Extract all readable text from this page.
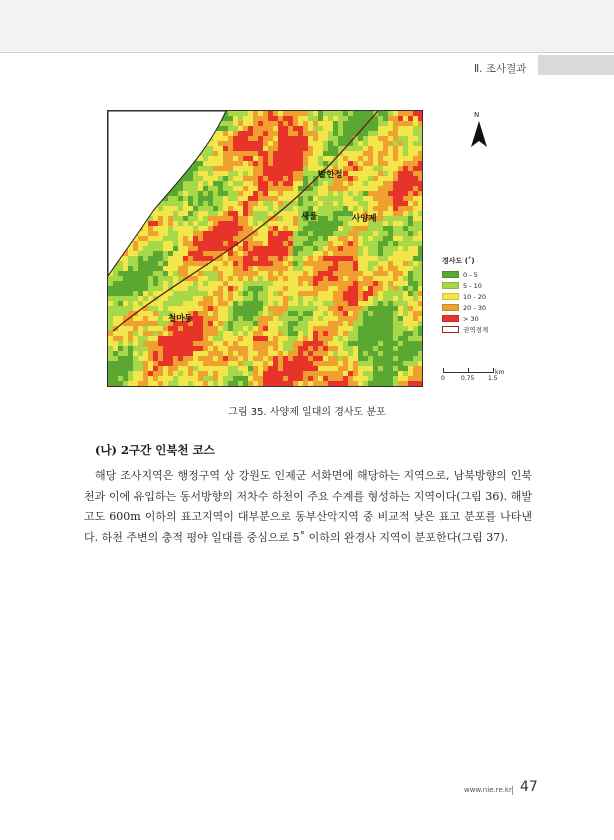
Ⅱ. 조사결과
발한정
새울	사양제
철마동
N
경사도 (˚)
0 - 5
5 - 10
10 - 20
20 - 30
> 30
권역경계
0	0.75 1.5
km
그림 35. 사양제 일대의 경사도 분포
(나) 2구간 인북천 코스

해당 조사지역은 행정구역 상 강원도 인제군 서화면에 해당하는 지역으로, 남북방향의 인북천과 이에 유입하는 동서방향의 저차수 하천이 주요 수계를 형성하는 지역이다(그림 36). 해발고도 600m 이하의 표고지역이 대부분으로 동부산악지역 중 비교적 낮은 표고 분포를 나타낸다. 하천 주변의 충적 평야 일대를 중심으로 5˚ 이하의 완경사 지역이 분포한다(그림 37).

www.nie.re.kr 47
